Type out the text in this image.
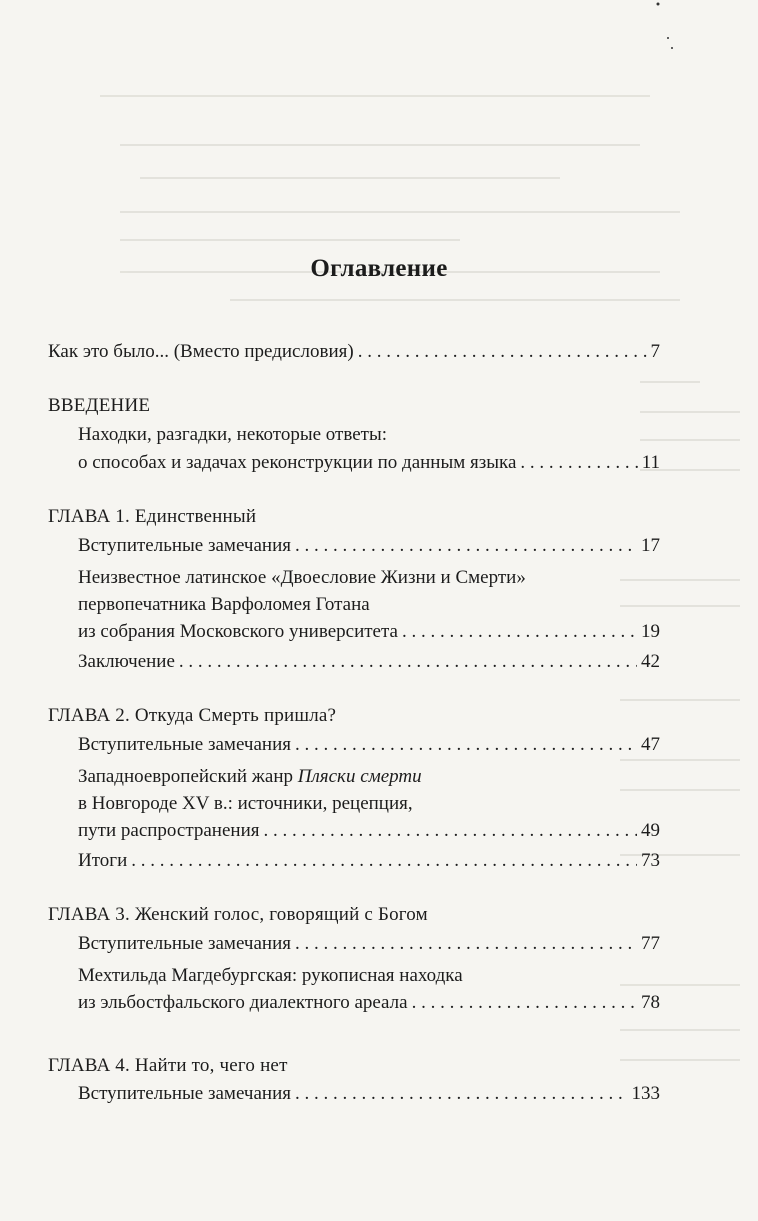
Оглавление
Как это было... (Вместо предисловия) . . .	7
ВВЕДЕНИЕ
Находки, разгадки, некоторые ответы:
о способах и задачах реконструкции по данным языка . . .	11
ГЛАВА 1. Единственный
Вступительные замечания . . .	17
Неизвестное латинское «Двоесловие Жизни и Смерти»
первопечатника Варфоломея Готана
из собрания Московского университета . . .	19
Заключение . . .	42
ГЛАВА 2. Откуда Смерть пришла?
Вступительные замечания . . .	47
Западноевропейский жанр Пляски смерти
в Новгороде XV в.: источники, рецепция,
пути распространения . . .	49
Итоги . . .	73
ГЛАВА 3. Женский голос, говорящий с Богом
Вступительные замечания . . .	77
Мехтильда Магдебургская: рукописная находка
из эльбостфальского диалектного ареала . . .	78
ГЛАВА 4. Найти то, чего нет
Вступительные замечания . . .	133
